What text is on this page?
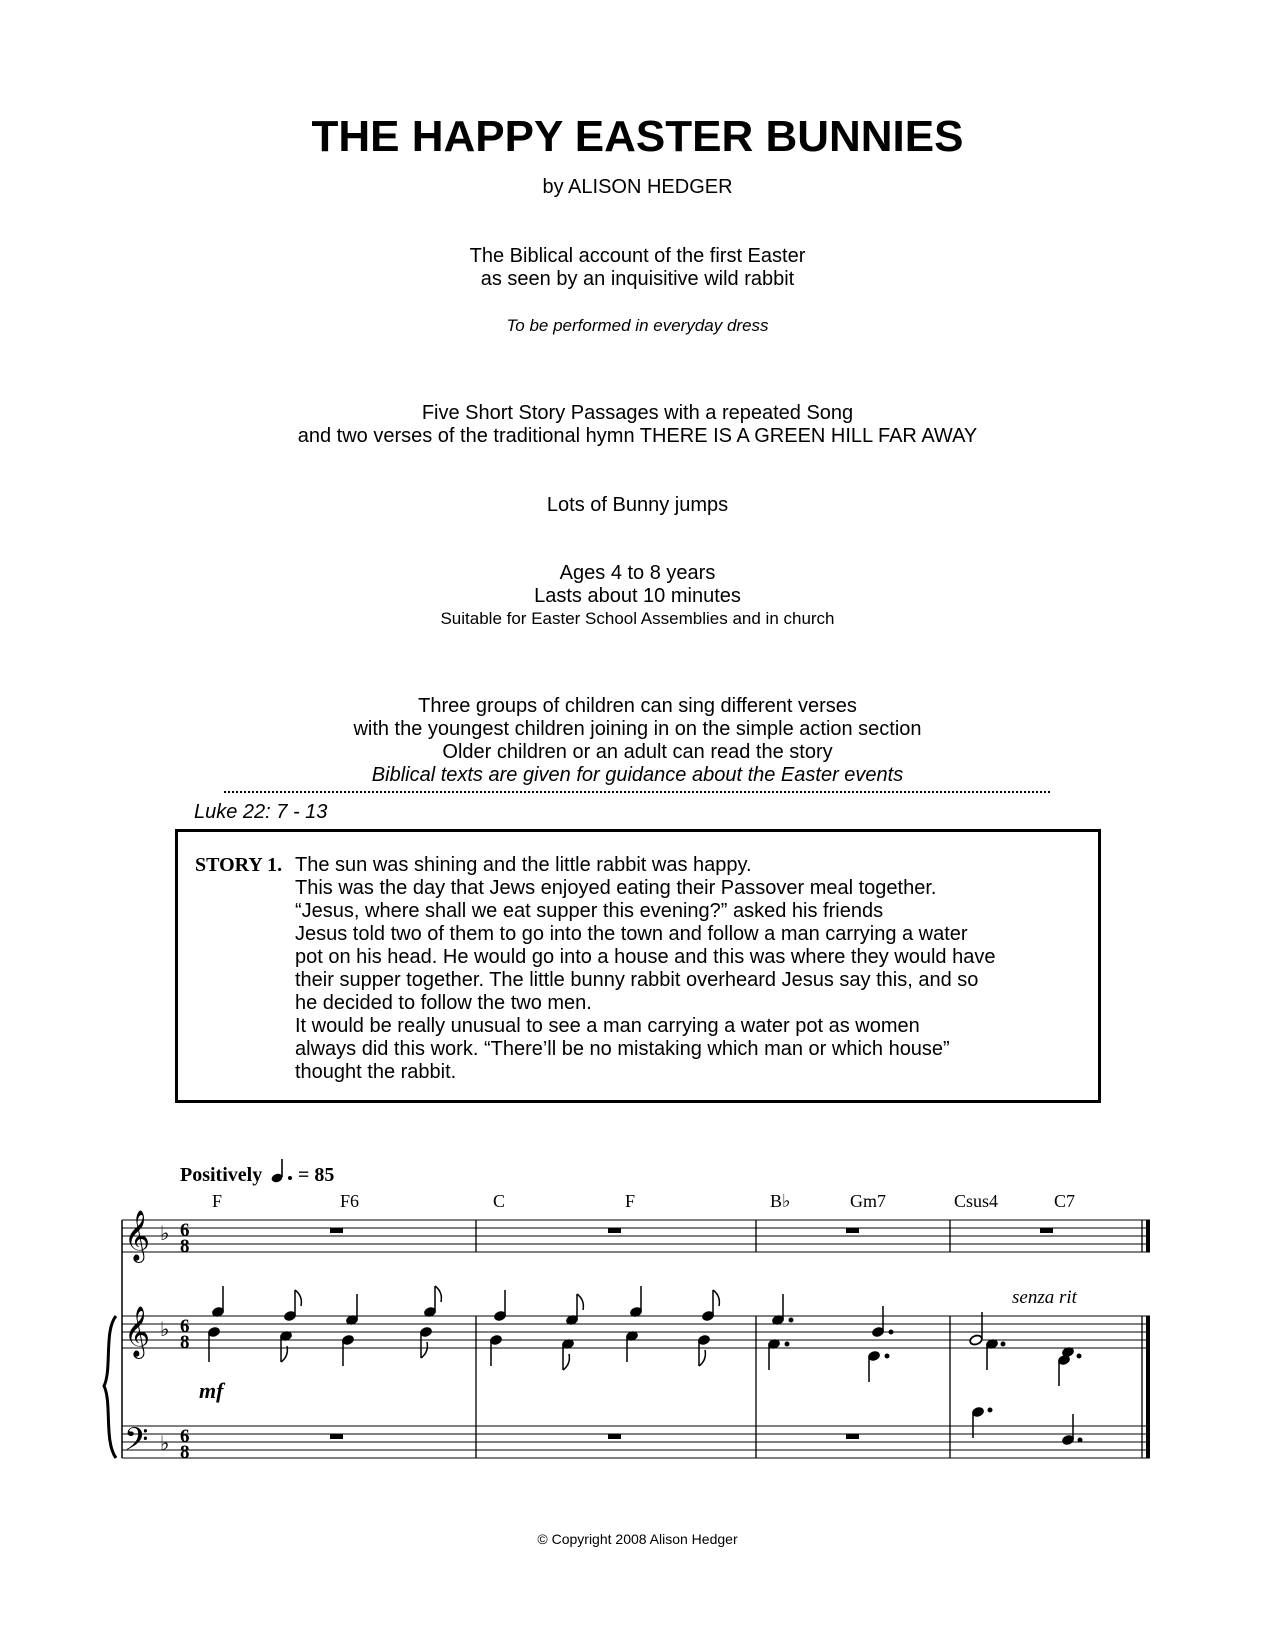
THE HAPPY EASTER BUNNIES
by ALISON HEDGER
The Biblical account of the first Easter
as seen by an inquisitive wild rabbit
To be performed in everyday dress
Five Short Story Passages with a repeated Song
and two verses of the traditional hymn THERE IS A GREEN HILL FAR AWAY
Lots of Bunny jumps
Ages 4 to 8 years
Lasts about 10 minutes
Suitable for Easter School Assemblies and in church
Three groups of children can sing different verses
with the youngest children joining in on the simple action section
Older children or an adult can read the story
Biblical texts are given for guidance about the Easter events
Luke 22: 7 - 13
STORY 1. The sun was shining and the little rabbit was happy.
This was the day that Jews enjoyed eating their Passover meal together.
“Jesus, where shall we eat supper this evening?” asked his friends
Jesus told two of them to go into the town and follow a man carrying a water
pot on his head. He would go into a house and this was where they would have
their supper together. The little bunny rabbit overheard Jesus say this, and so
he decided to follow the two men.
It would be really unusual to see a man carrying a water pot as women
always did this work. “There’ll be no mistaking which man or which house”
thought the rabbit.
Positively = 85
F	F6	C	F	B♭	Gm7	Csus4	C7
𝄞
𝄞
𝄢
♭
♭
♭
6
8
6
8
6
8
mf
senza rit
© Copyright 2008 Alison Hedger
